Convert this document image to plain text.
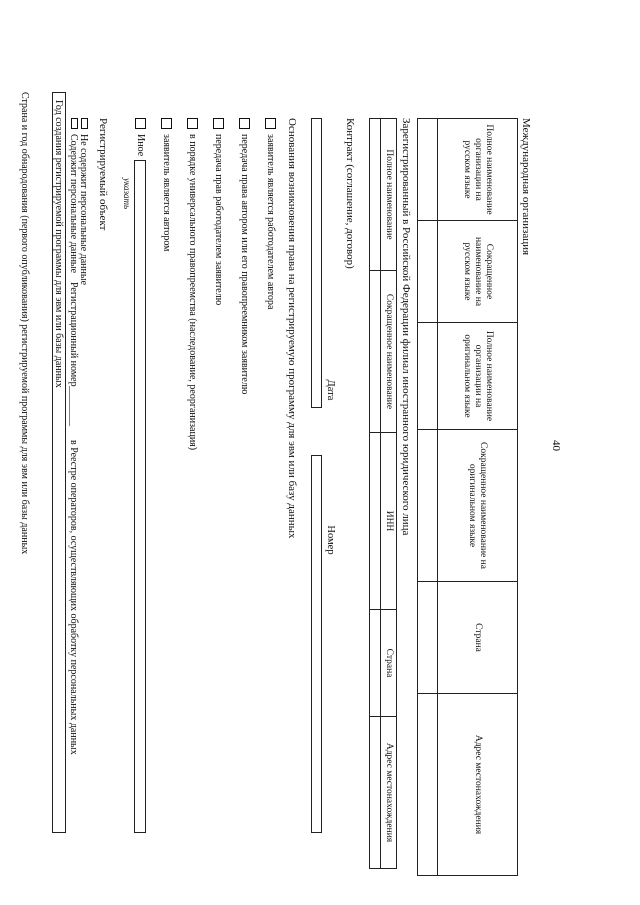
40
Международная организация
Полное наименование организации на русском языке	Сокращенное наименование на русском языке	Полное наименование организации на оригинальном языке	Сокращенное наименование на оригинальном языке	Страна	Адрес местонахождения

Зарегистрированный в Российской Федерации филиал иностранного юридического лица
Полное наименование	Сокращенное наименование	ИНН	Страна	Адрес местонахождения

Контракт (соглашение, договор)
Дата
Номер
Основания возникновения права на регистрируемую программу для эвм или базу данных
заявитель является работодателем автора
передача права автором или его правопреемником заявителю
передача прав работодателем заявителю
в порядке универсального правопреемства (наследование, реорганизация)
заявитель является автором
Иное
указать
Регистрируемый объект
Не содержит персональные данные
Содержит персональные данные
Регистрационный номер
________
в Реестре операторов, осуществляющих обработку персональных данных
Год создания регистрируемой программы для эвм или базы данных
Страна и год обнародования (первого опубликования) регистрируемой программы для эвм или базы данных
